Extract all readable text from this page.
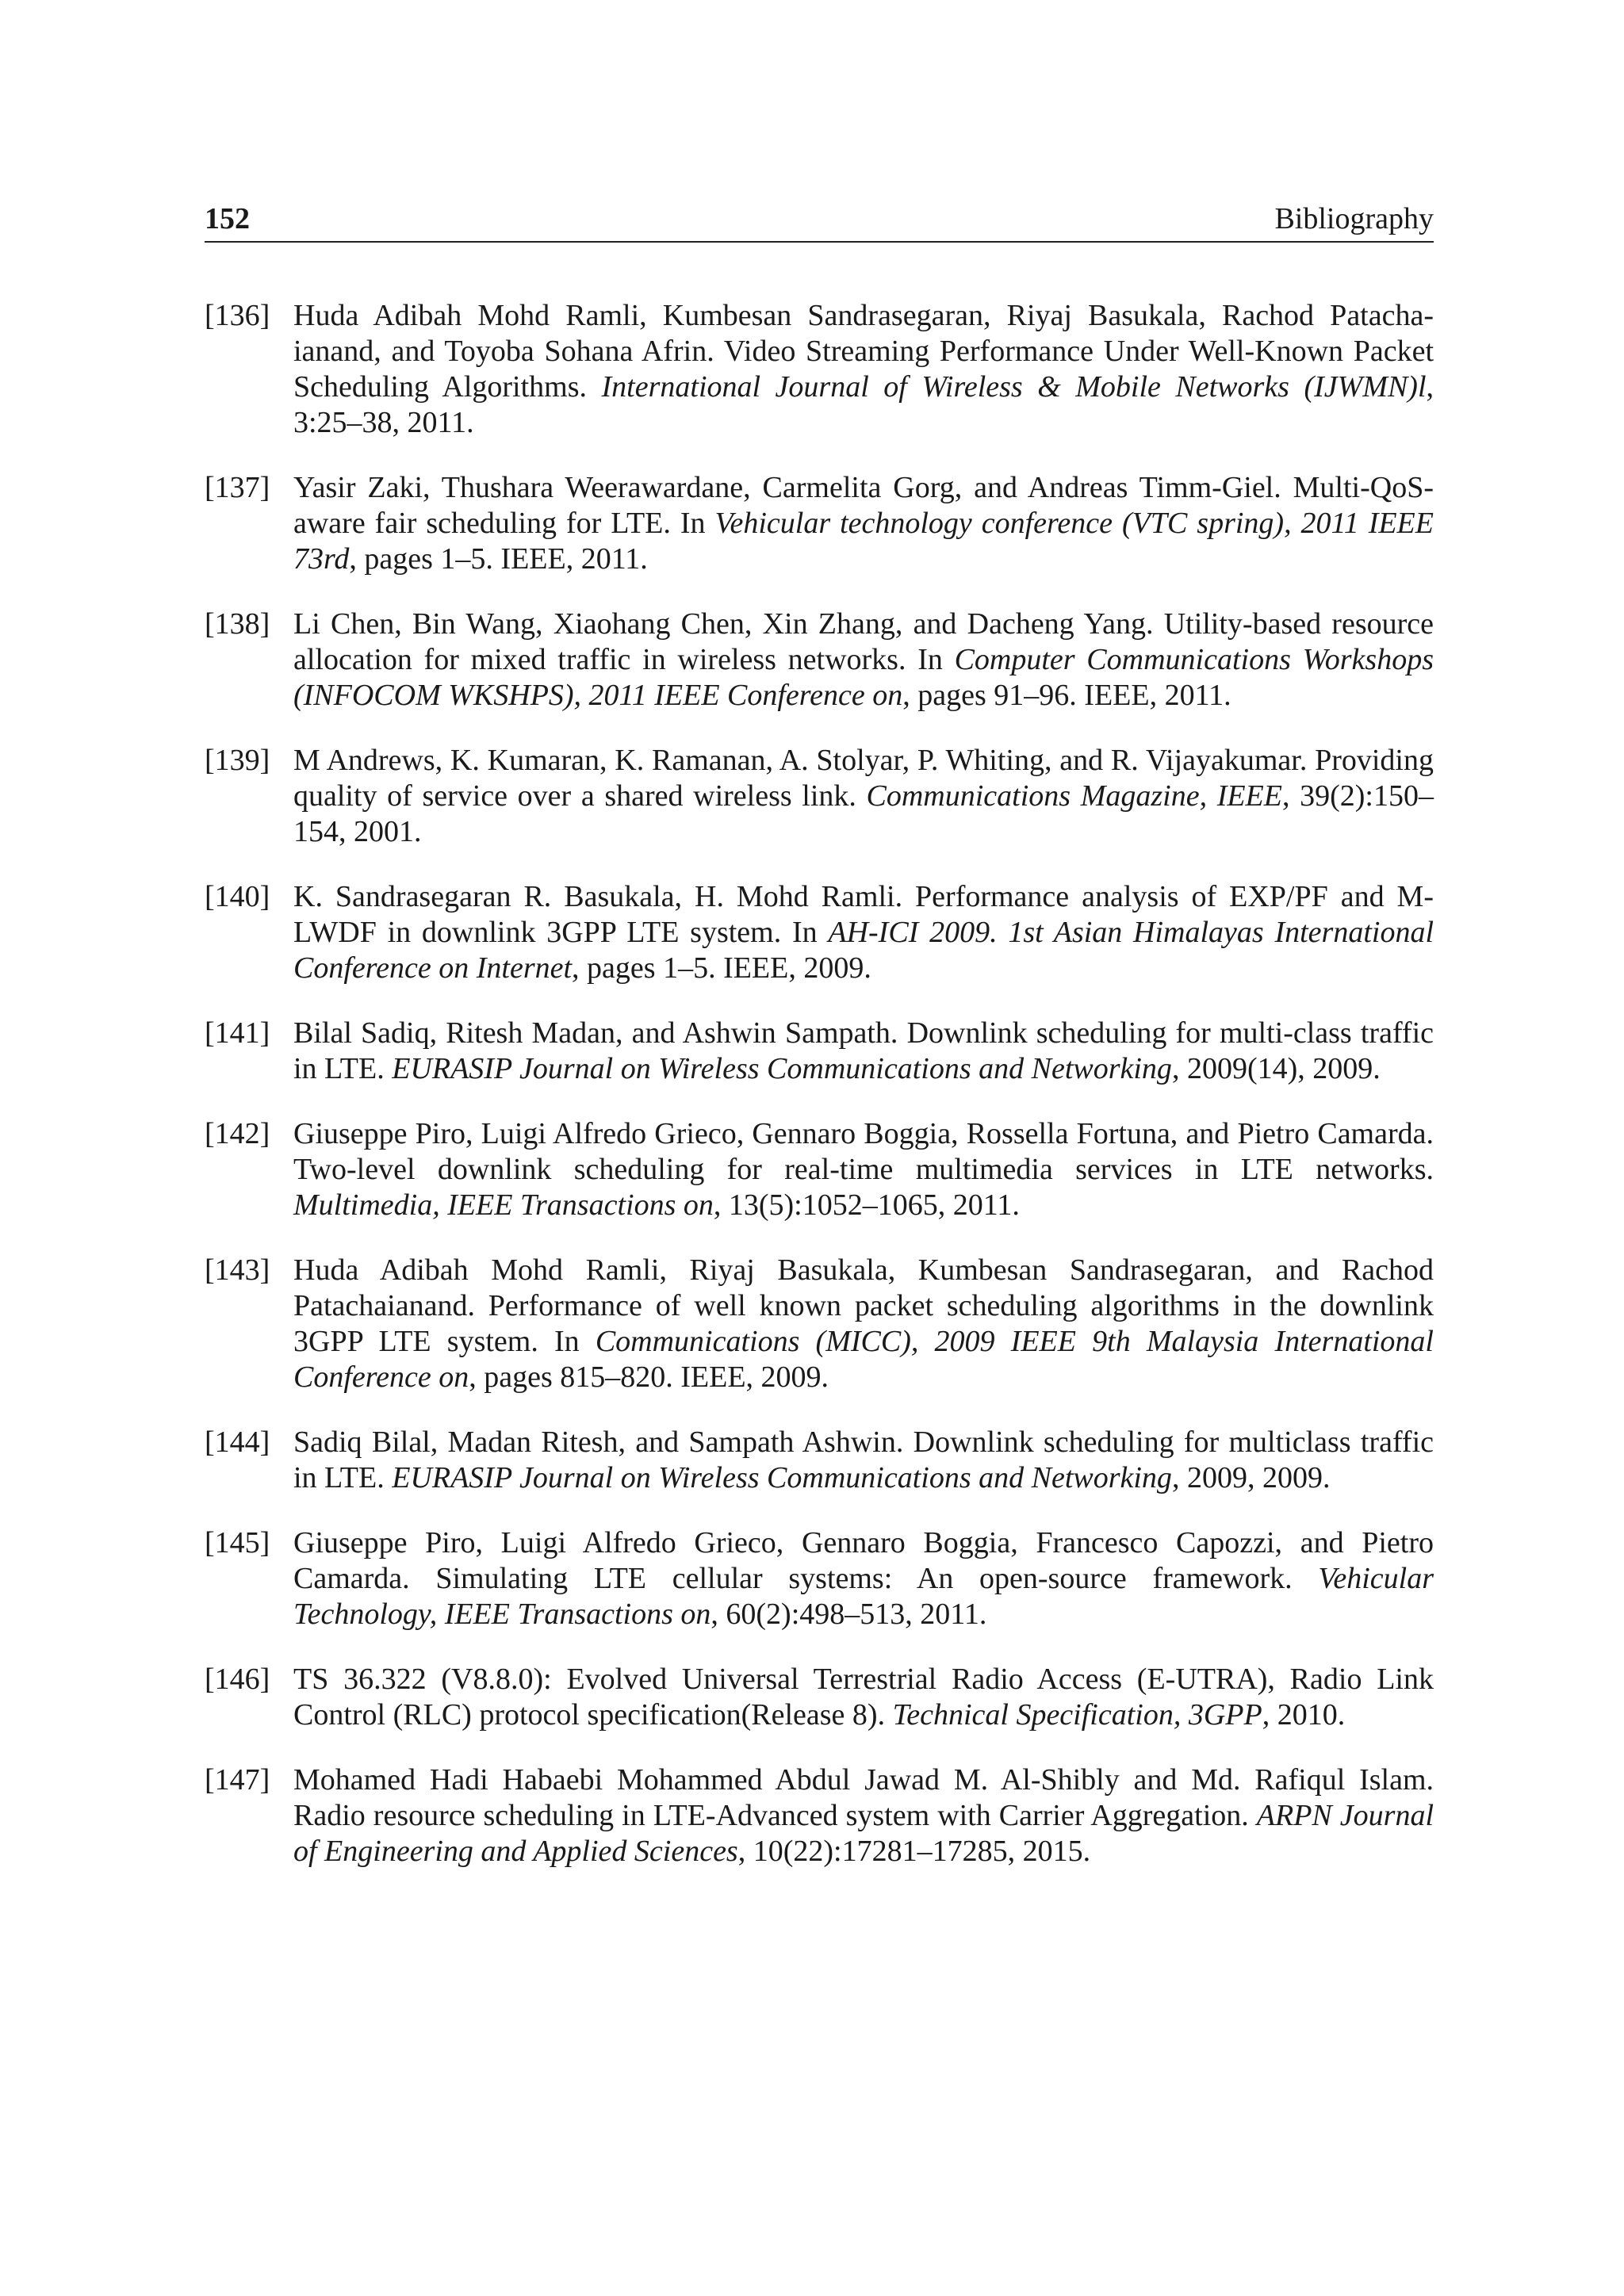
152	Bibliography
[136] Huda Adibah Mohd Ramli, Kumbesan Sandrasegaran, Riyaj Basukala, Rachod Patacha-ianand, and Toyoba Sohana Afrin. Video Streaming Performance Under Well-Known Packet Scheduling Algorithms. International Journal of Wireless & Mobile Networks (IJWMN)l, 3:25–38, 2011.
[137] Yasir Zaki, Thushara Weerawardane, Carmelita Gorg, and Andreas Timm-Giel. Multi-QoS-aware fair scheduling for LTE. In Vehicular technology conference (VTC spring), 2011 IEEE 73rd, pages 1–5. IEEE, 2011.
[138] Li Chen, Bin Wang, Xiaohang Chen, Xin Zhang, and Dacheng Yang. Utility-based resource allocation for mixed traffic in wireless networks. In Computer Communications Workshops (INFOCOM WKSHPS), 2011 IEEE Conference on, pages 91–96. IEEE, 2011.
[139] M Andrews, K. Kumaran, K. Ramanan, A. Stolyar, P. Whiting, and R. Vijayakumar. Providing quality of service over a shared wireless link. Communications Magazine, IEEE, 39(2):150–154, 2001.
[140] K. Sandrasegaran R. Basukala, H. Mohd Ramli. Performance analysis of EXP/PF and M-LWDF in downlink 3GPP LTE system. In AH-ICI 2009. 1st Asian Himalayas International Conference on Internet, pages 1–5. IEEE, 2009.
[141] Bilal Sadiq, Ritesh Madan, and Ashwin Sampath. Downlink scheduling for multi-class traffic in LTE. EURASIP Journal on Wireless Communications and Networking, 2009(14), 2009.
[142] Giuseppe Piro, Luigi Alfredo Grieco, Gennaro Boggia, Rossella Fortuna, and Pietro Camarda. Two-level downlink scheduling for real-time multimedia services in LTE networks. Multimedia, IEEE Transactions on, 13(5):1052–1065, 2011.
[143] Huda Adibah Mohd Ramli, Riyaj Basukala, Kumbesan Sandrasegaran, and Rachod Patachaianand. Performance of well known packet scheduling algorithms in the downlink 3GPP LTE system. In Communications (MICC), 2009 IEEE 9th Malaysia International Conference on, pages 815–820. IEEE, 2009.
[144] Sadiq Bilal, Madan Ritesh, and Sampath Ashwin. Downlink scheduling for multiclass traffic in LTE. EURASIP Journal on Wireless Communications and Networking, 2009, 2009.
[145] Giuseppe Piro, Luigi Alfredo Grieco, Gennaro Boggia, Francesco Capozzi, and Pietro Camarda. Simulating LTE cellular systems: An open-source framework. Vehicular Technology, IEEE Transactions on, 60(2):498–513, 2011.
[146] TS 36.322 (V8.8.0): Evolved Universal Terrestrial Radio Access (E-UTRA), Radio Link Control (RLC) protocol specification(Release 8). Technical Specification, 3GPP, 2010.
[147] Mohamed Hadi Habaebi Mohammed Abdul Jawad M. Al-Shibly and Md. Rafiqul Islam. Radio resource scheduling in LTE-Advanced system with Carrier Aggregation. ARPN Journal of Engineering and Applied Sciences, 10(22):17281–17285, 2015.
